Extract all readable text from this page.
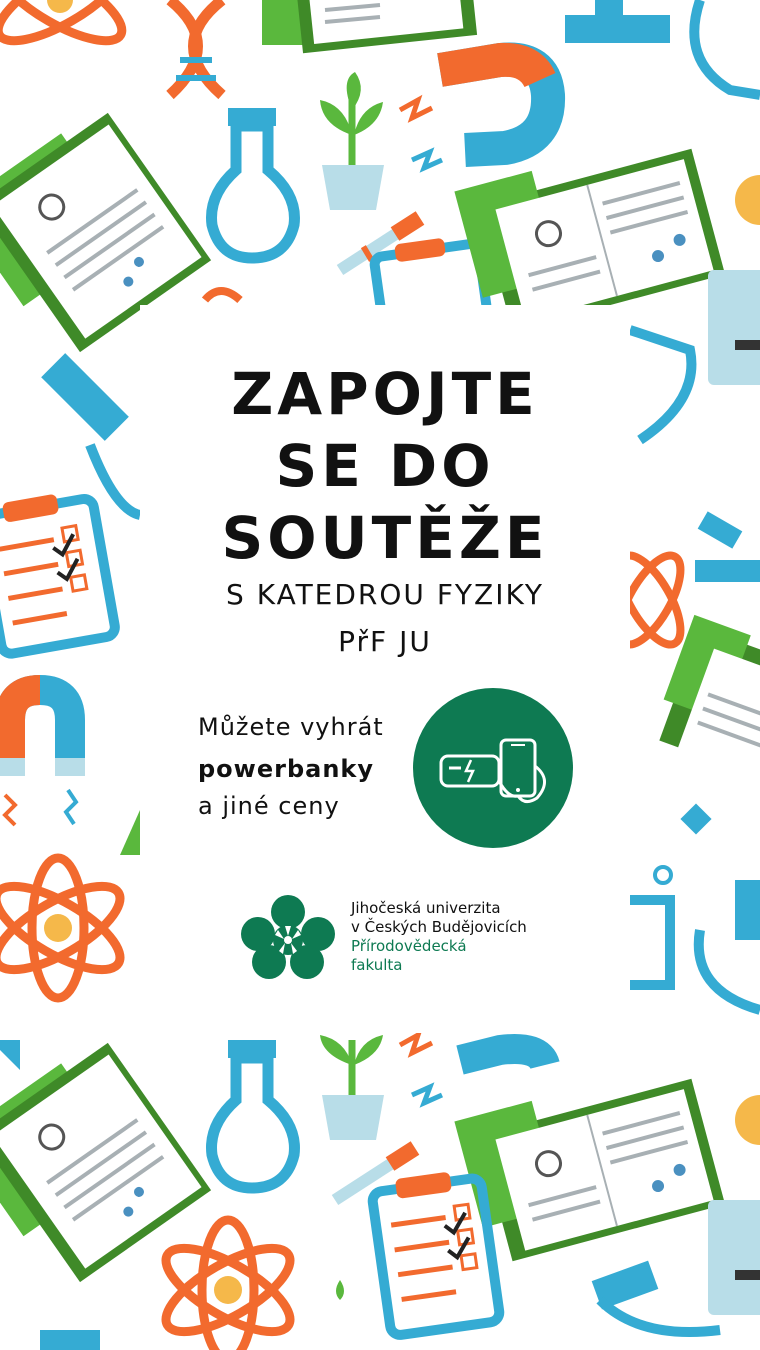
ZAPOJTE
SE DO
SOUTĚŽE
S KATEDROU FYZIKY
PřF JU
Můžete vyhrát
powerbanky
a jiné ceny
Jihočeská univerzita
v Českých Budějovicích
Přírodovědecká
fakulta
